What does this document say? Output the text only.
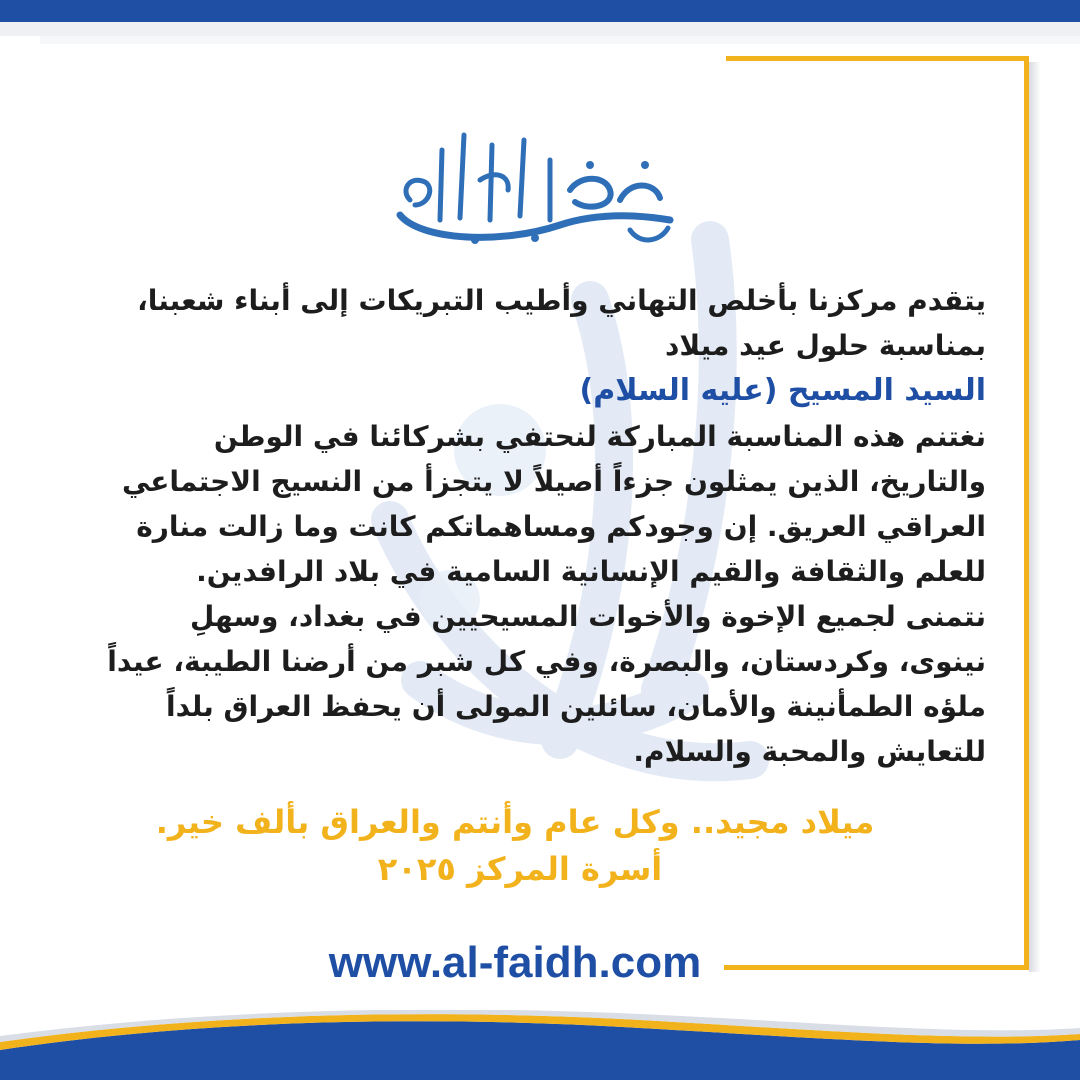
يتقدم مركزنا بأخلص التهاني وأطيب التبريكات إلى أبناء شعبنا،
بمناسبة حلول عيد ميلاد
السيد المسيح (عليه السلام)
نغتنم هذه المناسبة المباركة لنحتفي بشركائنا في الوطن
والتاريخ، الذين يمثلون جزءاً أصيلاً لا يتجزأ من النسيج الاجتماعي
العراقي العريق. إن وجودكم ومساهماتكم كانت وما زالت منارة
للعلم والثقافة والقيم الإنسانية السامية في بلاد الرافدين.
نتمنى لجميع الإخوة والأخوات المسيحيين في بغداد، وسهلِ
نينوى، وكردستان، والبصرة، وفي كل شبر من أرضنا الطيبة، عيداً
ملؤه الطمأنينة والأمان، سائلين المولى أن يحفظ العراق بلداً
للتعايش والمحبة والسلام.
ميلاد مجيد.. وكل عام وأنتم والعراق بألف خير.
أسرة المركز ٢٠٢٥
www.al-faidh.com
